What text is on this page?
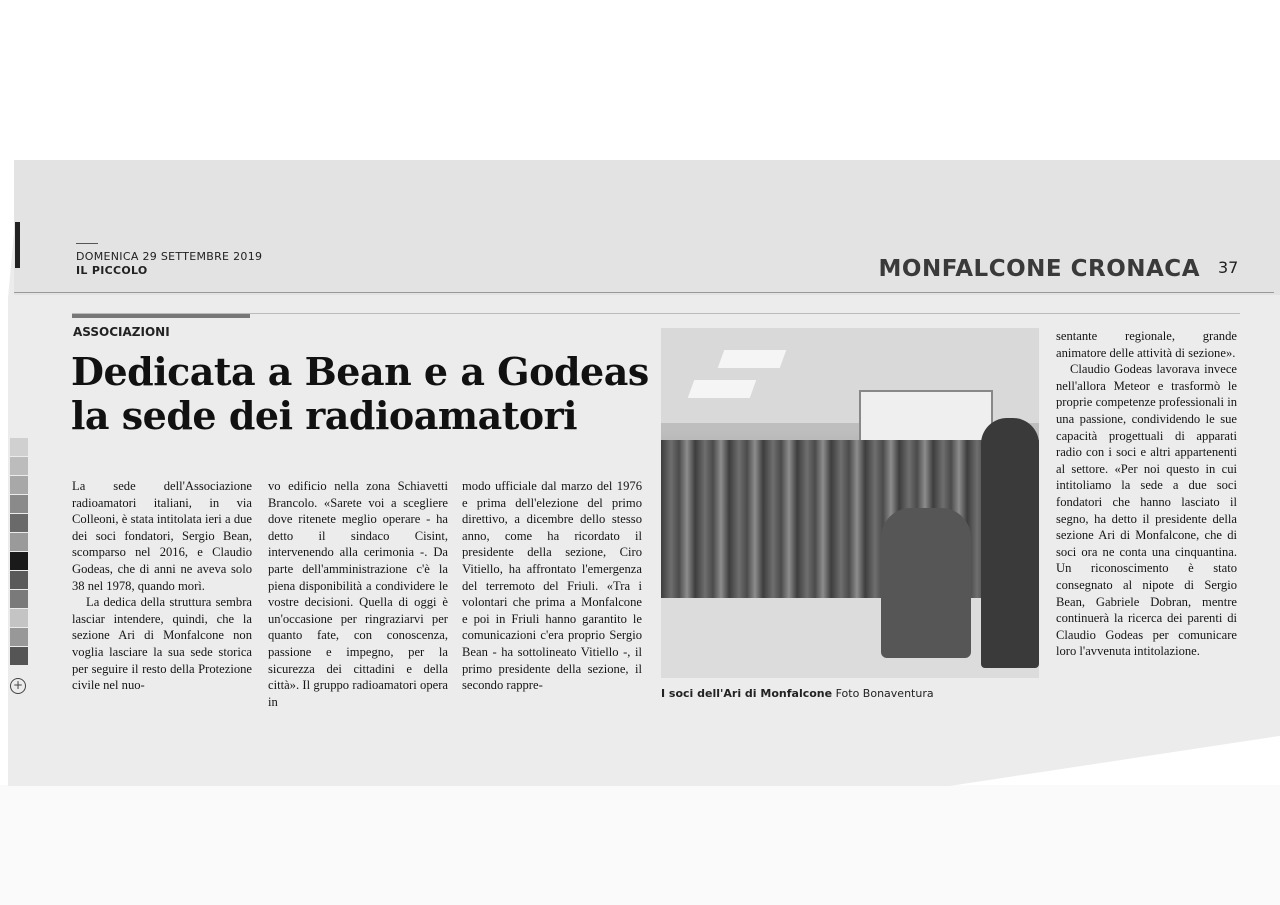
DOMENICA 29 SETTEMBRE 2019
IL PICCOLO	MONFALCONE CRONACA 37
ASSOCIAZIONI
Dedicata a Bean e a Godeas la sede dei radioamatori

La sede dell'Associazione radioamatori italiani, in via Colleoni, è stata intitolata ieri a due dei soci fondatori, Sergio Bean, scomparso nel 2016, e Claudio Godeas, che di anni ne aveva solo 38 nel 1978, quando morì.

La dedica della struttura sembra lasciar intendere, quindi, che la sezione Ari di Monfalcone non voglia lasciare la sua sede storica per seguire il resto della Protezione civile nel nuo-

vo edificio nella zona Schiavetti Brancolo. «Sarete voi a scegliere dove ritenete meglio operare - ha detto il sindaco Cisint, intervenendo alla cerimonia -. Da parte dell'amministrazione c'è la piena disponibilità a condividere le vostre decisioni. Quella di oggi è un'occasione per ringraziarvi per quanto fate, con conoscenza, passione e impegno, per la sicurezza dei cittadini e della città». Il gruppo radioamatori opera in

modo ufficiale dal marzo del 1976 e prima dell'elezione del primo direttivo, a dicembre dello stesso anno, come ha ricordato il presidente della sezione, Ciro Vitiello, ha affrontato l'emergenza del terremoto del Friuli. «Tra i volontari che prima a Monfalcone e poi in Friuli hanno garantito le comunicazioni c'era proprio Sergio Bean - ha sottolineato Vitiello -, il primo presidente della sezione, il secondo rappre-

sentante regionale, grande animatore delle attività di sezione».

Claudio Godeas lavorava invece nell'allora Meteor e trasformò le proprie competenze professionali in una passione, condividendo le sue capacità progettuali di apparati radio con i soci e altri appartenenti al settore. «Per noi questo in cui intitoliamo la sede a due soci fondatori che hanno lasciato il segno, ha detto il presidente della sezione Ari di Monfalcone, che di soci ora ne conta una cinquantina. Un riconoscimento è stato consegnato al nipote di Sergio Bean, Gabriele Dobran, mentre continuerà la ricerca dei parenti di Claudio Godeas per comunicare loro l'avvenuta intitolazione.

I soci dell'Ari di Monfalcone Foto Bonaventura
+
